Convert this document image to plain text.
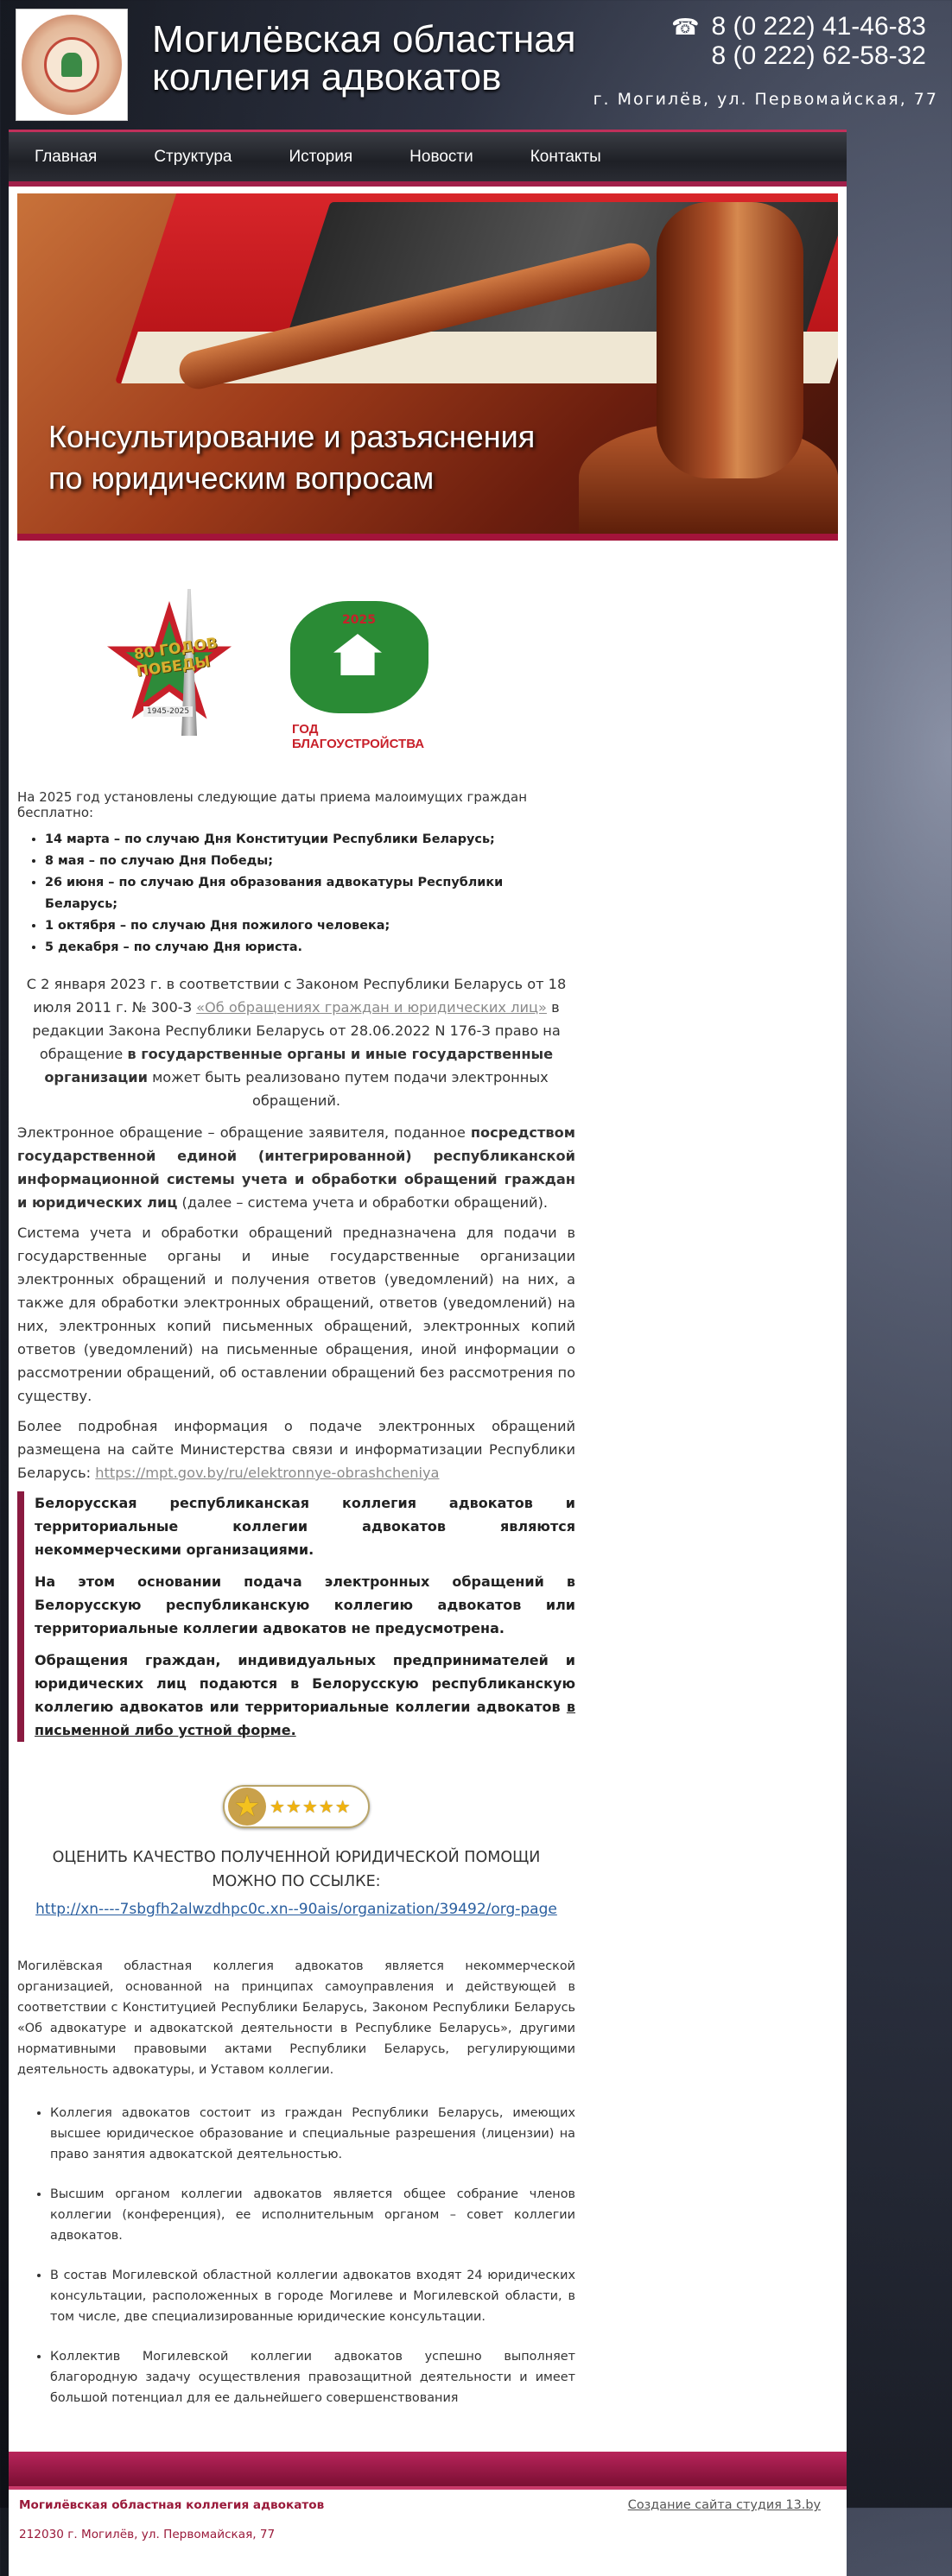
Могилёвская областная
коллегия адвокатов
☎ 8 (0 222) 41-46-83
8 (0 222) 62-58-32
г. Могилёв, ул. Первомайская, 77
Главная	Структура	История	Новости	Контакты
Консультирование и разъяснения
по юридическим вопросам
80 ГОДОВ ПОБЕДЫ
1945-2025
2025
ГОД БЛАГОУСТРОЙСТВА

На 2025 год установлены следующие даты приема малоимущих граждан бесплатно:

• 14 марта – по случаю Дня Конституции Республики Беларусь;
• 8 мая – по случаю Дня Победы;
• 26 июня – по случаю Дня образования адвокатуры Республики Беларусь;
• 1 октября – по случаю Дня пожилого человека;
• 5 декабря – по случаю Дня юриста.

С 2 января 2023 г. в соответствии с Законом Республики Беларусь от 18 июля 2011 г. № 300-З «Об обращениях граждан и юридических лиц» в редакции Закона Республики Беларусь от 28.06.2022 N 176-З право на обращение в государственные органы и иные государственные организации может быть реализовано путем подачи электронных обращений.

Электронное обращение – обращение заявителя, поданное посредством государственной единой (интегрированной) республиканской информационной системы учета и обработки обращений граждан и юридических лиц (далее – система учета и обработки обращений).

Система учета и обработки обращений предназначена для подачи в государственные органы и иные государственные организации электронных обращений и получения ответов (уведомлений) на них, а также для обработки электронных обращений, ответов (уведомлений) на них, электронных копий письменных обращений, электронных копий ответов (уведомлений) на письменные обращения, иной информации о рассмотрении обращений, об оставлении обращений без рассмотрения по существу.

Более подробная информация о подаче электронных обращений размещена на сайте Министерства связи и информатизации Республики Беларусь: https://mpt.gov.by/ru/elektronnye-obrashcheniya

Белорусская республиканская коллегия адвокатов и территориальные коллегии адвокатов являются некоммерческими организациями.

На этом основании подача электронных обращений в Белорусскую республиканскую коллегию адвокатов или территориальные коллегии адвокатов не предусмотрена.

Обращения граждан, индивидуальных предпринимателей и юридических лиц подаются в Белорусскую республиканскую коллегию адвокатов или территориальные коллегии адвокатов в письменной либо устной форме.

★ ★★★★★
ОЦЕНИТЬ КАЧЕСТВО ПОЛУЧЕННОЙ ЮРИДИЧЕСКОЙ ПОМОЩИ МОЖНО ПО ССЫЛКЕ:
http://xn----7sbgfh2alwzdhpc0c.xn--90ais/organization/39492/org-page

Могилёвская областная коллегия адвокатов является некоммерческой организацией, основанной на принципах самоуправления и действующей в соответствии с Конституцией Республики Беларусь, Законом Республики Беларусь «Об адвокатуре и адвокатской деятельности в Республике Беларусь», другими нормативными правовыми актами Республики Беларусь, регулирующими деятельность адвокатуры, и Уставом коллегии.

• Коллегия адвокатов состоит из граждан Республики Беларусь, имеющих высшее юридическое образование и специальные разрешения (лицензии) на право занятия адвокатской деятельностью.
• Высшим органом коллегии адвокатов является общее собрание членов коллегии (конференция), ее исполнительным органом – совет коллегии адвокатов.
• В состав Могилевской областной коллегии адвокатов входят 24 юридических консультации, расположенных в городе Могилеве и Могилевской области, в том числе, две специализированные юридические консультации.
• Коллектив Могилевской коллегии адвокатов успешно выполняет благородную задачу осуществления правозащитной деятельности и имеет большой потенциал для ее дальнейшего совершенствования
Могилёвская областная коллегия адвокатов
212030 г. Могилёв, ул. Первомайская, 77
Создание сайта студия 13.by
